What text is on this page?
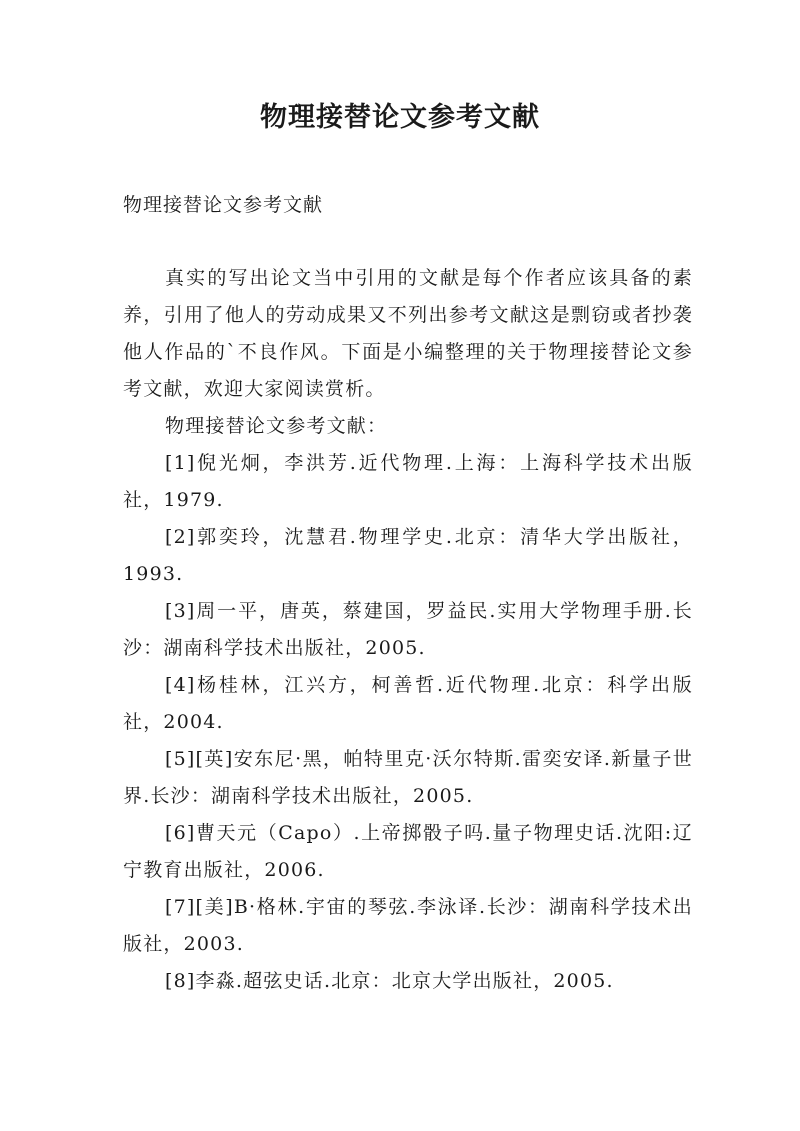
物理接替论文参考文献
物理接替论文参考文献

真实的写出论文当中引用的文献是每个作者应该具备的素养，引用了他人的劳动成果又不列出参考文献这是剽窃或者抄袭他人作品的`不良作风。下面是小编整理的关于物理接替论文参考文献，欢迎大家阅读赏析。

物理接替论文参考文献：

[1]倪光炯，李洪芳.近代物理.上海：上海科学技术出版社，1979.

[2]郭奕玲，沈慧君.物理学史.北京：清华大学出版社，1993.

[3]周一平，唐英，蔡建国，罗益民.实用大学物理手册.长沙：湖南科学技术出版社，2005.

[4]杨桂林，江兴方，柯善哲.近代物理.北京：科学出版社，2004.

[5][英]安东尼·黑，帕特里克·沃尔特斯.雷奕安译.新量子世界.长沙：湖南科学技术出版社，2005.

[6]曹天元（Capo）.上帝掷骰子吗.量子物理史话.沈阳:辽宁教育出版社，2006.

[7][美]B·格林.宇宙的琴弦.李泳译.长沙：湖南科学技术出版社，2003.

[8]李淼.超弦史话.北京：北京大学出版社，2005.
